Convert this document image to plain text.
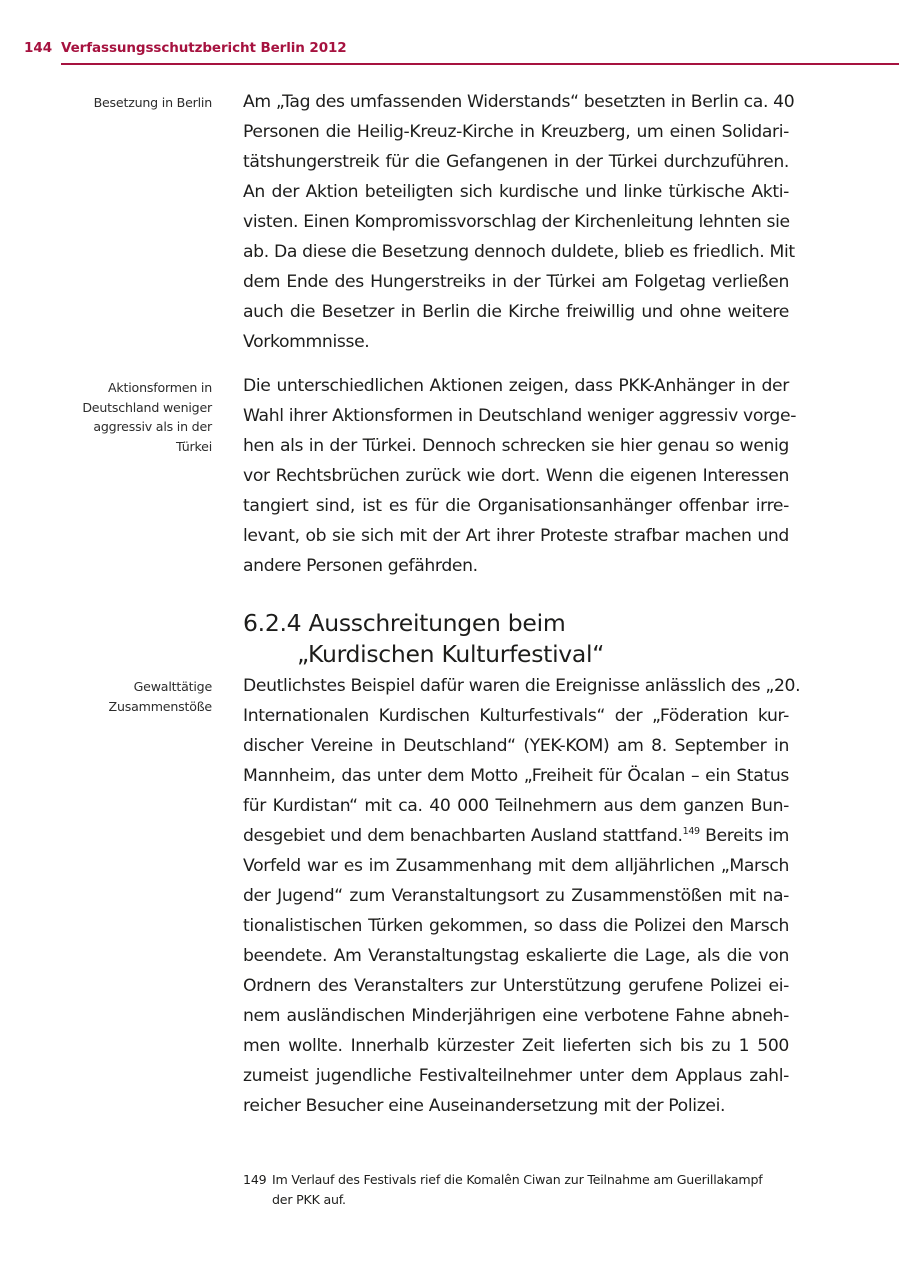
144 Verfassungsschutzbericht Berlin 2012
Besetzung in Berlin
Aktionsformen in
Deutschland weniger
aggressiv als in der
Türkei
Gewalttätige
Zusammenstöße
Am „Tag des umfassenden Widerstands“ besetzten in Berlin ca. 40
Personen die Heilig-Kreuz-Kirche in Kreuzberg, um einen Solidari-
tätshungerstreik für die Gefangenen in der Türkei durchzuführen.
An der Aktion beteiligten sich kurdische und linke türkische Akti-
visten. Einen Kompromissvorschlag der Kirchenleitung lehnten sie
ab. Da diese die Besetzung dennoch duldete, blieb es friedlich. Mit
dem Ende des Hungerstreiks in der Türkei am Folgetag verließen
auch die Besetzer in Berlin die Kirche freiwillig und ohne weitere
Vorkommnisse.
Die unterschiedlichen Aktionen zeigen, dass PKK-Anhänger in der
Wahl ihrer Aktionsformen in Deutschland weniger aggressiv vorge-
hen als in der Türkei. Dennoch schrecken sie hier genau so wenig
vor Rechtsbrüchen zurück wie dort. Wenn die eigenen Interessen
tangiert sind, ist es für die Organisationsanhänger offenbar irre-
levant, ob sie sich mit der Art ihrer Proteste strafbar machen und
andere Personen gefährden.
6.2.4 Ausschreitungen beim
„Kurdischen Kulturfestival“
Deutlichstes Beispiel dafür waren die Ereignisse anlässlich des „20.
Internationalen Kurdischen Kulturfestivals“ der „Föderation kur-
discher Vereine in Deutschland“ (YEK-KOM) am 8. September in
Mannheim, das unter dem Motto „Freiheit für Öcalan – ein Status
für Kurdistan“ mit ca. 40 000 Teilnehmern aus dem ganzen Bun-
desgebiet und dem benachbarten Ausland stattfand.$^{149}$ Bereits im
Vorfeld war es im Zusammenhang mit dem alljährlichen „Marsch
der Jugend“ zum Veranstaltungsort zu Zusammenstößen mit na-
tionalistischen Türken gekommen, so dass die Polizei den Marsch
beendete. Am Veranstaltungstag eskalierte die Lage, als die von
Ordnern des Veranstalters zur Unterstützung gerufene Polizei ei-
nem ausländischen Minderjährigen eine verbotene Fahne abneh-
men wollte. Innerhalb kürzester Zeit lieferten sich bis zu 1 500
zumeist jugendliche Festivalteilnehmer unter dem Applaus zahl-
reicher Besucher eine Auseinandersetzung mit der Polizei.
149 Im Verlauf des Festivals rief die Komalên Ciwan zur Teilnahme am Guerillakampf
der PKK auf.
